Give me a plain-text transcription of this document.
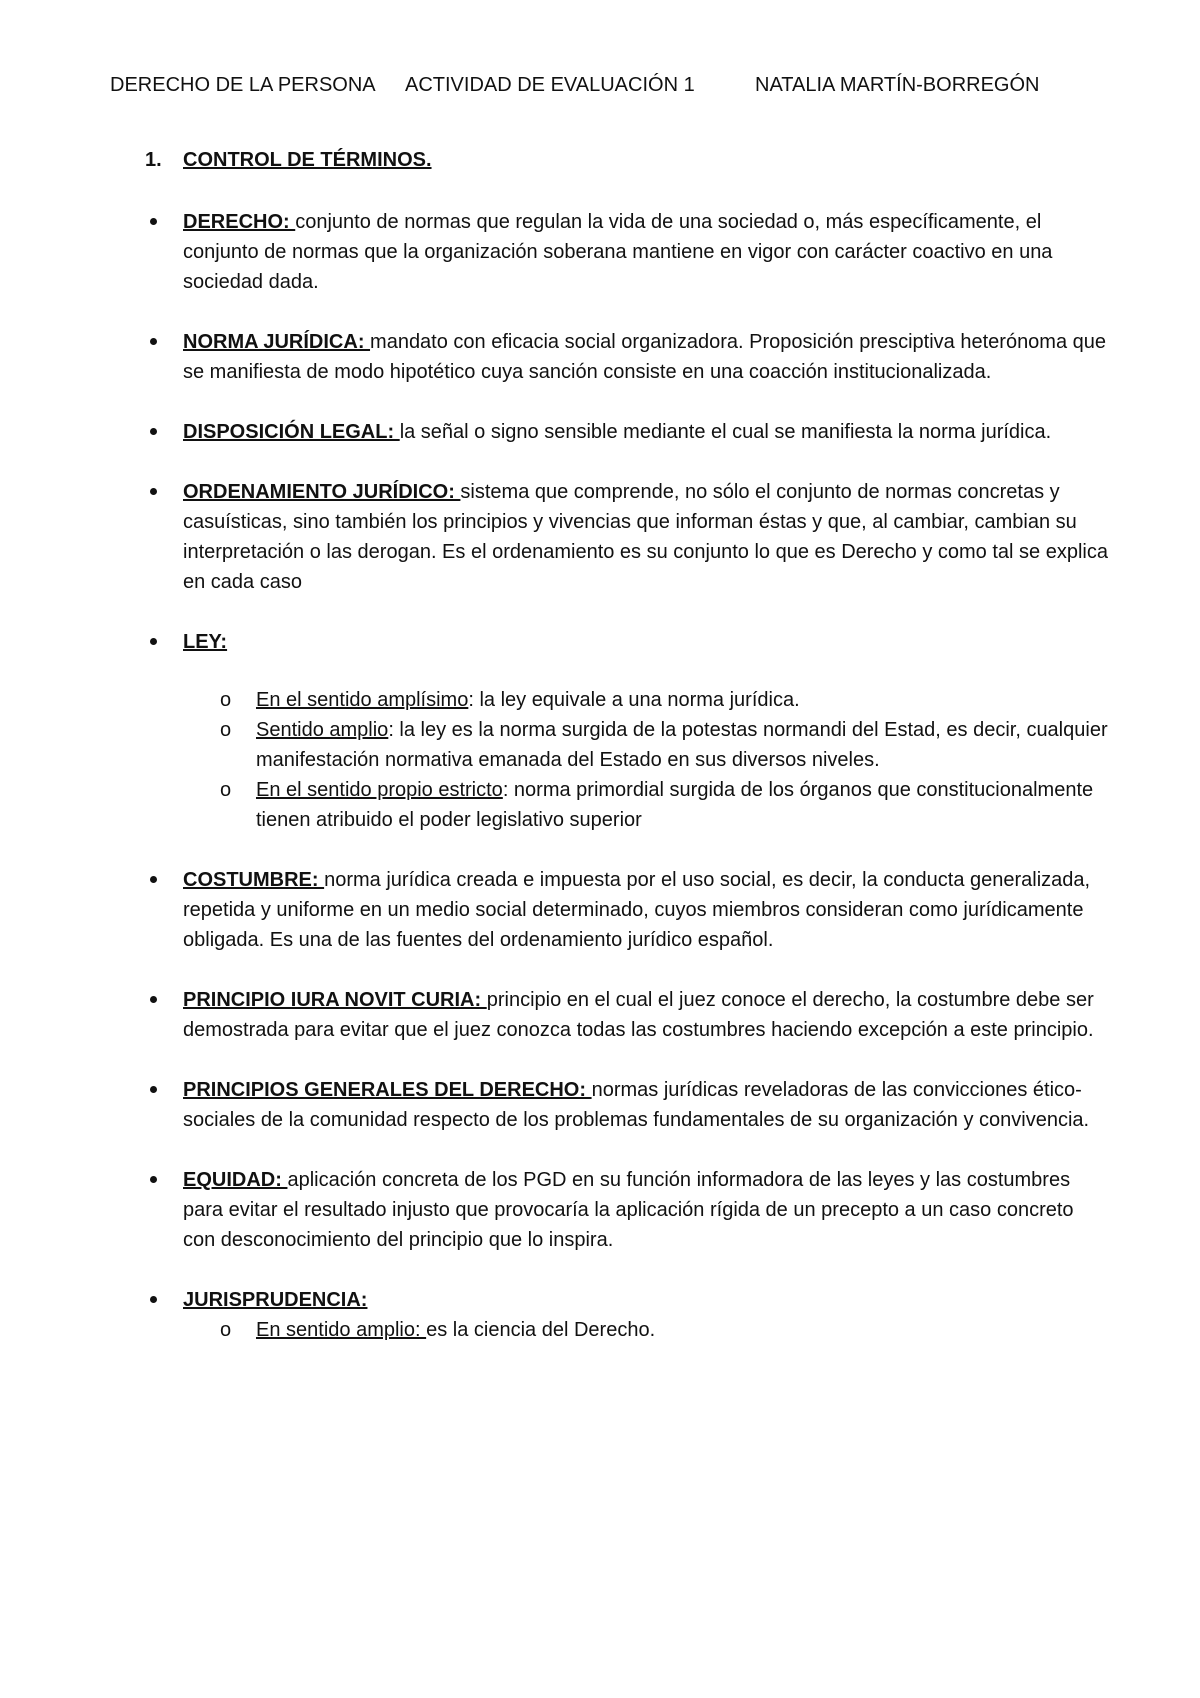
DERECHO DE LA PERSONA ACTIVIDAD DE EVALUACIÓN 1	NATALIA MARTÍN-BORREGÓN
1. CONTROL DE TÉRMINOS.
DERECHO: conjunto de normas que regulan la vida de una sociedad o, más específicamente, el conjunto de normas que la organización soberana mantiene en vigor con carácter coactivo en una sociedad dada.
NORMA JURÍDICA: mandato con eficacia social organizadora. Proposición presciptiva heterónoma que se manifiesta de modo hipotético cuya sanción consiste en una coacción institucionalizada.
DISPOSICIÓN LEGAL: la señal o signo sensible mediante el cual se manifiesta la norma jurídica.
ORDENAMIENTO JURÍDICO: sistema que comprende, no sólo el conjunto de normas concretas y casuísticas, sino también los principios y vivencias que informan éstas y que, al cambiar, cambian su interpretación o las derogan. Es el ordenamiento es su conjunto lo que es Derecho y como tal se explica en cada caso
LEY:
o En el sentido amplísimo: la ley equivale a una norma jurídica.
o Sentido amplio: la ley es la norma surgida de la potestas normandi del Estad, es decir, cualquier manifestación normativa emanada del Estado en sus diversos niveles.
o En el sentido propio estricto: norma primordial surgida de los órganos que constitucionalmente tienen atribuido el poder legislativo superior
COSTUMBRE: norma jurídica creada e impuesta por el uso social, es decir, la conducta generalizada, repetida y uniforme en un medio social determinado, cuyos miembros consideran como jurídicamente obligada. Es una de las fuentes del ordenamiento jurídico español.
PRINCIPIO IURA NOVIT CURIA: principio en el cual el juez conoce el derecho, la costumbre debe ser demostrada para evitar que el juez conozca todas las costumbres haciendo excepción a este principio.
PRINCIPIOS GENERALES DEL DERECHO: normas jurídicas reveladoras de las convicciones ético-sociales de la comunidad respecto de los problemas fundamentales de su organización y convivencia.
EQUIDAD: aplicación concreta de los PGD en su función informadora de las leyes y las costumbres para evitar el resultado injusto que provocaría la aplicación rígida de un precepto a un caso concreto con desconocimiento del principio que lo inspira.
JURISPRUDENCIA:
o En sentido amplio: es la ciencia del Derecho.
